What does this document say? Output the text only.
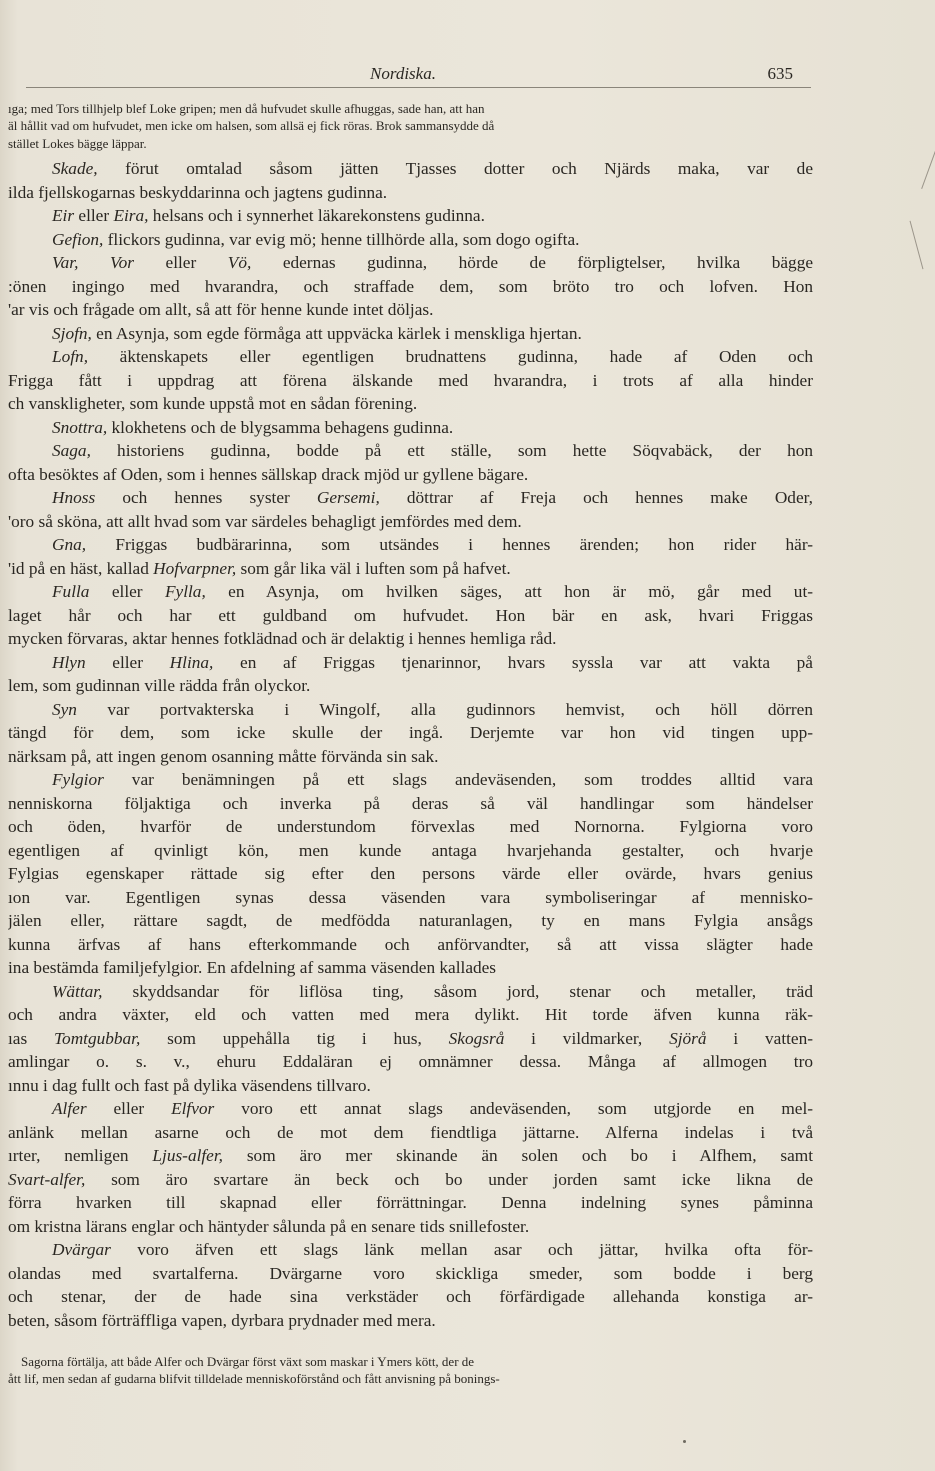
Nordiska.	635
ıga; med Tors tillhjelp blef Loke gripen; men då hufvudet skulle afhuggas, sade han, att han
äl hållit vad om hufvudet, men icke om halsen, som allsä ej fick röras. Brok sammansydde då
stället Lokes bägge läppar.
Skade, förut omtalad såsom jätten Tjasses dotter och Njärds maka, var de
ilda fjellskogarnas beskyddarinna och jagtens gudinna.
Eir eller Eira, helsans och i synnerhet läkarekonstens gudinna.
Gefion, flickors gudinna, var evig mö; henne tillhörde alla, som dogo ogifta.
Var, Vor eller Vö, edernas gudinna, hörde de förpligtelser, hvilka bägge
:önen ingingo med hvarandra, och straffade dem, som bröto tro och lofven. Hon
'ar vis och frågade om allt, så att för henne kunde intet döljas.
Sjofn, en Asynja, som egde förmåga att uppväcka kärlek i menskliga hjertan.
Lofn, äktenskapets eller egentligen brudnattens gudinna, hade af Oden och
Frigga fått i uppdrag att förena älskande med hvarandra, i trots af alla hinder
ch vanskligheter, som kunde uppstå mot en sådan förening.
Snottra, klokhetens och de blygsamma behagens gudinna.
Saga, historiens gudinna, bodde på ett ställe, som hette Söqvabäck, der hon
ofta besöktes af Oden, som i hennes sällskap drack mjöd ur gyllene bägare.
Hnoss och hennes syster Gersemi, döttrar af Freja och hennes make Oder,
'oro så sköna, att allt hvad som var särdeles behagligt jemfördes med dem.
Gna, Friggas budbärarinna, som utsändes i hennes ärenden; hon rider här-
'id på en häst, kallad Hofvarpner, som går lika väl i luften som på hafvet.
Fulla eller Fylla, en Asynja, om hvilken säges, att hon är mö, går med ut-
laget hår och har ett guldband om hufvudet. Hon bär en ask, hvari Friggas
mycken förvaras, aktar hennes fotklädnad och är delaktig i hennes hemliga råd.
Hlyn eller Hlina, en af Friggas tjenarinnor, hvars syssla var att vakta på
lem, som gudinnan ville rädda från olyckor.
Syn var portvakterska i Wingolf, alla gudinnors hemvist, och höll dörren
tängd för dem, som icke skulle der ingå. Derjemte var hon vid tingen upp-
närksam på, att ingen genom osanning måtte förvända sin sak.
Fylgior var benämningen på ett slags andeväsenden, som troddes alltid vara
nenniskorna följaktiga och inverka på deras så väl handlingar som händelser
och öden, hvarför de understundom förvexlas med Nornorna. Fylgiorna voro
egentligen af qvinligt kön, men kunde antaga hvarjehanda gestalter, och hvarje
Fylgias egenskaper rättade sig efter den persons värde eller ovärde, hvars genius
ıon var. Egentligen synas dessa väsenden vara symboliseringar af mennisko-
jälen eller, rättare sagdt, de medfödda naturanlagen, ty en mans Fylgia ansågs
kunna ärfvas af hans efterkommande och anförvandter, så att vissa slägter hade
ina bestämda familjefylgior. En afdelning af samma väsenden kallades
Wättar, skyddsandar för liflösa ting, såsom jord, stenar och metaller, träd
och andra växter, eld och vatten med mera dylikt. Hit torde äfven kunna räk-
ıas Tomtgubbar, som uppehålla tig i hus, Skogsrå i vildmarker, Sjörå i vatten-
amlingar o. s. v., ehuru Eddaläran ej omnämner dessa. Många af allmogen tro
ınnu i dag fullt och fast på dylika väsendens tillvaro.
Alfer eller Elfvor voro ett annat slags andeväsenden, som utgjorde en mel-
anlänk mellan asarne och de mot dem fiendtliga jättarne. Alferna indelas i två
ırter, nemligen Ljus-alfer, som äro mer skinande än solen och bo i Alfhem, samt
Svart-alfer, som äro svartare än beck och bo under jorden samt icke likna de
förra hvarken till skapnad eller förrättningar. Denna indelning synes påminna
om kristna lärans englar och häntyder sålunda på en senare tids snillefoster.
Dvärgar voro äfven ett slags länk mellan asar och jättar, hvilka ofta för-
olandas med svartalferna. Dvärgarne voro skickliga smeder, som bodde i berg
och stenar, der de hade sina verkstäder och förfärdigade allehanda konstiga ar-
beten, såsom förträffliga vapen, dyrbara prydnader med mera.
Sagorna förtälja, att både Alfer och Dvärgar först växt som maskar i Ymers kött, der de
ått lif, men sedan af gudarna blifvit tilldelade menniskoförstånd och fått anvisning på bonings-
